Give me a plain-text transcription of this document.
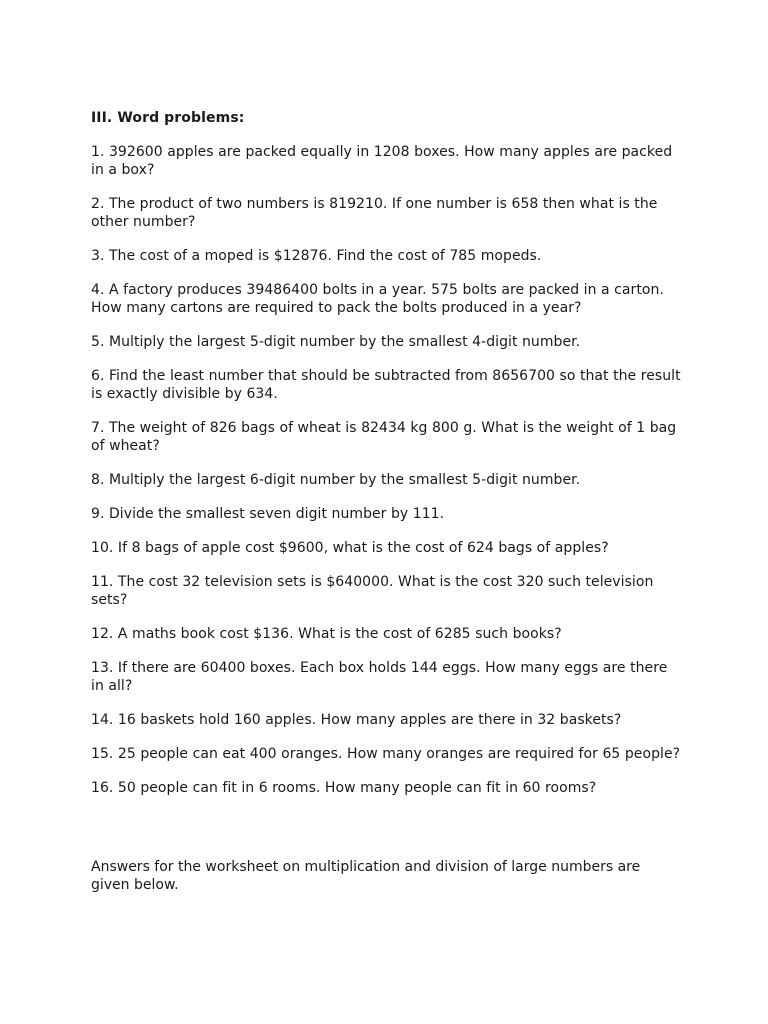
III. Word problems:

1. 392600 apples are packed equally in 1208 boxes. How many apples are packed in a box?

2. The product of two numbers is 819210. If one number is 658 then what is the other number?

3. The cost of a moped is $12876. Find the cost of 785 mopeds.

4. A factory produces 39486400 bolts in a year. 575 bolts are packed in a carton. How many cartons are required to pack the bolts produced in a year?

5. Multiply the largest 5-digit number by the smallest 4-digit number.

6. Find the least number that should be subtracted from 8656700 so that the result is exactly divisible by 634.

7. The weight of 826 bags of wheat is 82434 kg 800 g. What is the weight of 1 bag of wheat?

8. Multiply the largest 6-digit number by the smallest 5-digit number.

9. Divide the smallest seven digit number by 111.

10. If 8 bags of apple cost $9600, what is the cost of 624 bags of apples?

11. The cost 32 television sets is $640000. What is the cost 320 such television sets?

12. A maths book cost $136. What is the cost of 6285 such books?

13. If there are 60400 boxes. Each box holds 144 eggs. How many eggs are there in all?

14. 16 baskets hold 160 apples. How many apples are there in 32 baskets?

15. 25 people can eat 400 oranges. How many oranges are required for 65 people?

16. 50 people can fit in 6 rooms. How many people can fit in 60 rooms?

Answers for the worksheet on multiplication and division of large numbers are given below.
